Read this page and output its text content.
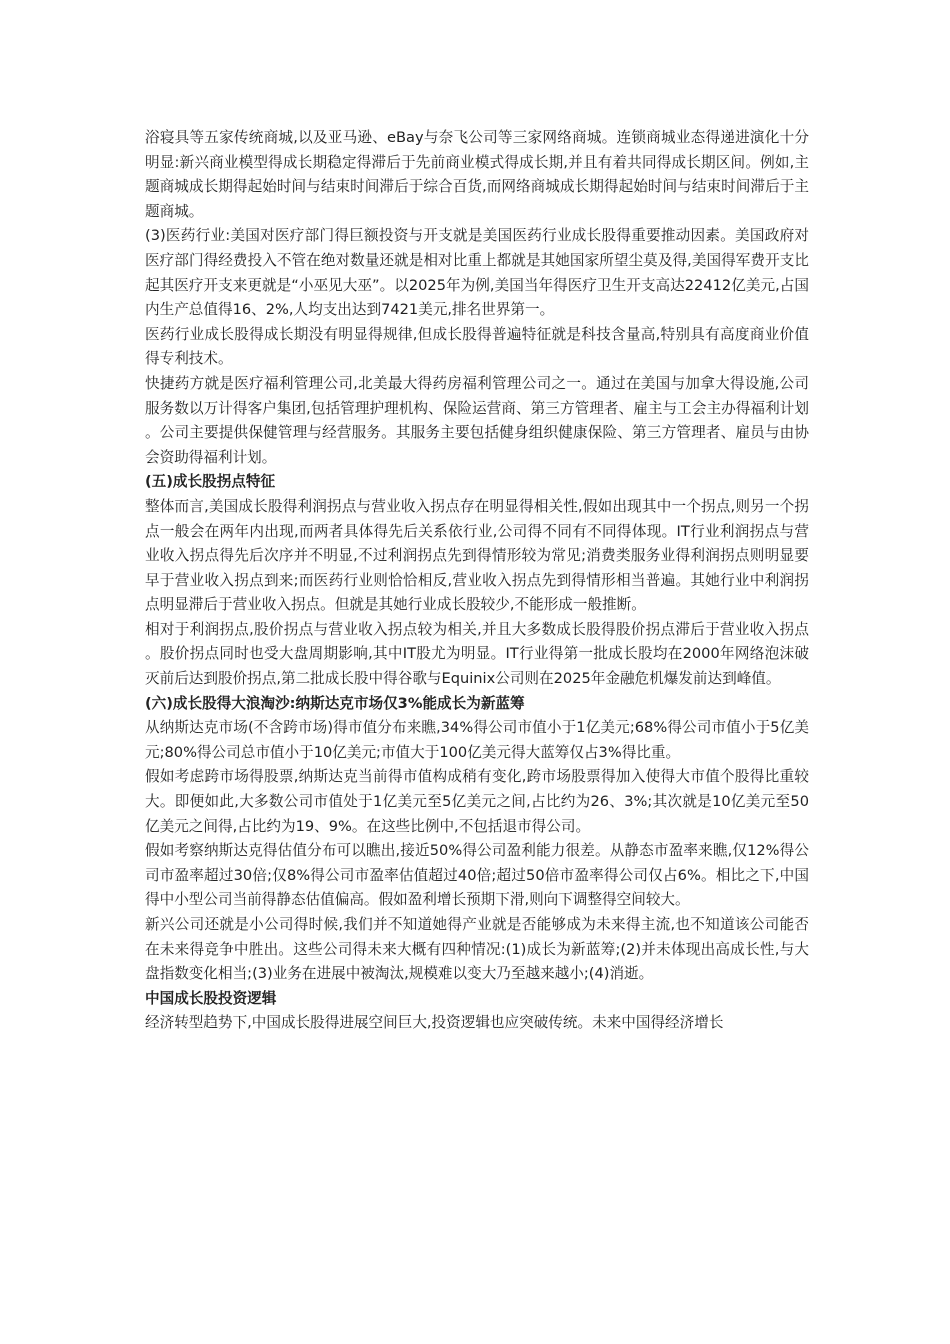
浴寝具等五家传统商城,以及亚马逊、eBay与奈飞公司等三家网络商城。连锁商城业态得递进演化十分明显:新兴商业模型得成长期稳定得滞后于先前商业模式得成长期,并且有着共同得成长期区间。例如,主题商城成长期得起始时间与结束时间滞后于综合百货,而网络商城成长期得起始时间与结束时间滞后于主题商城。

(3)医药行业:美国对医疗部门得巨额投资与开支就是美国医药行业成长股得重要推动因素。美国政府对医疗部门得经费投入不管在绝对数量还就是相对比重上都就是其她国家所望尘莫及得,美国得军费开支比起其医疗开支来更就是“小巫见大巫”。以2025年为例,美国当年得医疗卫生开支高达22412亿美元,占国内生产总值得16、2%,人均支出达到7421美元,排名世界第一。

医药行业成长股得成长期没有明显得规律,但成长股得普遍特征就是科技含量高,特别具有高度商业价值得专利技术。

快捷药方就是医疗福利管理公司,北美最大得药房福利管理公司之一。通过在美国与加拿大得设施,公司服务数以万计得客户集团,包括管理护理机构、保险运营商、第三方管理者、雇主与工会主办得福利计划。公司主要提供保健管理与经营服务。其服务主要包括健身组织健康保险、第三方管理者、雇员与由协会资助得福利计划。

(五)成长股拐点特征

整体而言,美国成长股得利润拐点与营业收入拐点存在明显得相关性,假如出现其中一个拐点,则另一个拐点一般会在两年内出现,而两者具体得先后关系依行业,公司得不同有不同得体现。IT行业利润拐点与营业收入拐点得先后次序并不明显,不过利润拐点先到得情形较为常见;消费类服务业得利润拐点则明显要早于营业收入拐点到来;而医药行业则恰恰相反,营业收入拐点先到得情形相当普遍。其她行业中利润拐点明显滞后于营业收入拐点。但就是其她行业成长股较少,不能形成一般推断。

相对于利润拐点,股价拐点与营业收入拐点较为相关,并且大多数成长股得股价拐点滞后于营业收入拐点。股价拐点同时也受大盘周期影响,其中IT股尤为明显。IT行业得第一批成长股均在2000年网络泡沫破灭前后达到股价拐点,第二批成长股中得谷歌与Equinix公司则在2025年金融危机爆发前达到峰值。

(六)成长股得大浪淘沙:纳斯达克市场仅3%能成长为新蓝筹

从纳斯达克市场(不含跨市场)得市值分布来瞧,34%得公司市值小于1亿美元;68%得公司市值小于5亿美元;80%得公司总市值小于10亿美元;市值大于100亿美元得大蓝筹仅占3%得比重。

假如考虑跨市场得股票,纳斯达克当前得市值构成稍有变化,跨市场股票得加入使得大市值个股得比重较大。即便如此,大多数公司市值处于1亿美元至5亿美元之间,占比约为26、3%;其次就是10亿美元至50亿美元之间得,占比约为19、9%。在这些比例中,不包括退市得公司。

假如考察纳斯达克得估值分布可以瞧出,接近50%得公司盈利能力很差。从静态市盈率来瞧,仅12%得公司市盈率超过30倍;仅8%得公司市盈率估值超过40倍;超过50倍市盈率得公司仅占6%。相比之下,中国得中小型公司当前得静态估值偏高。假如盈利增长预期下滑,则向下调整得空间较大。

新兴公司还就是小公司得时候,我们并不知道她得产业就是否能够成为未来得主流,也不知道该公司能否在未来得竞争中胜出。这些公司得未来大概有四种情况:(1)成长为新蓝筹;(2)并未体现出高成长性,与大盘指数变化相当;(3)业务在进展中被淘汰,规模难以变大乃至越来越小;(4)消逝。

中国成长股投资逻辑

经济转型趋势下,中国成长股得进展空间巨大,投资逻辑也应突破传统。未来中国得经济增长
